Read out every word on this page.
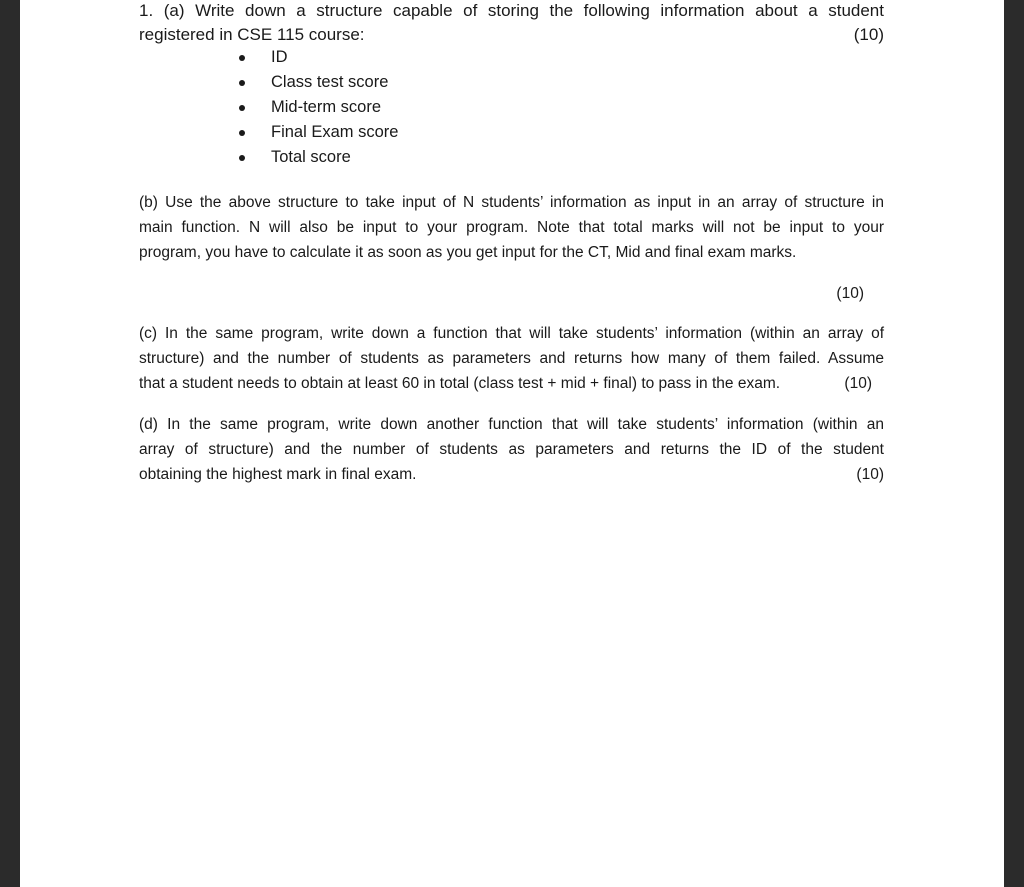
1. (a) Write down a structure capable of storing the following information about a student
registered in CSE 115 course:	(10)
ID
Class test score
Mid-term score
Final Exam score
Total score
(b) Use the above structure to take input of N students’ information as input in an array of structure in
main function. N will also be input to your program. Note that total marks will not be input to your
program, you have to calculate it as soon as you get input for the CT, Mid and final exam marks.
(10)
(c) In the same program, write down a function that will take students’ information (within an array of
structure) and the number of students as parameters and returns how many of them failed. Assume
that a student needs to obtain at least 60 in total (class test + mid + final) to pass in the exam.	(10)
(d) In the same program, write down another function that will take students’ information (within an
array of structure) and the number of students as parameters and returns the ID of the student
obtaining the highest mark in final exam.	(10)
